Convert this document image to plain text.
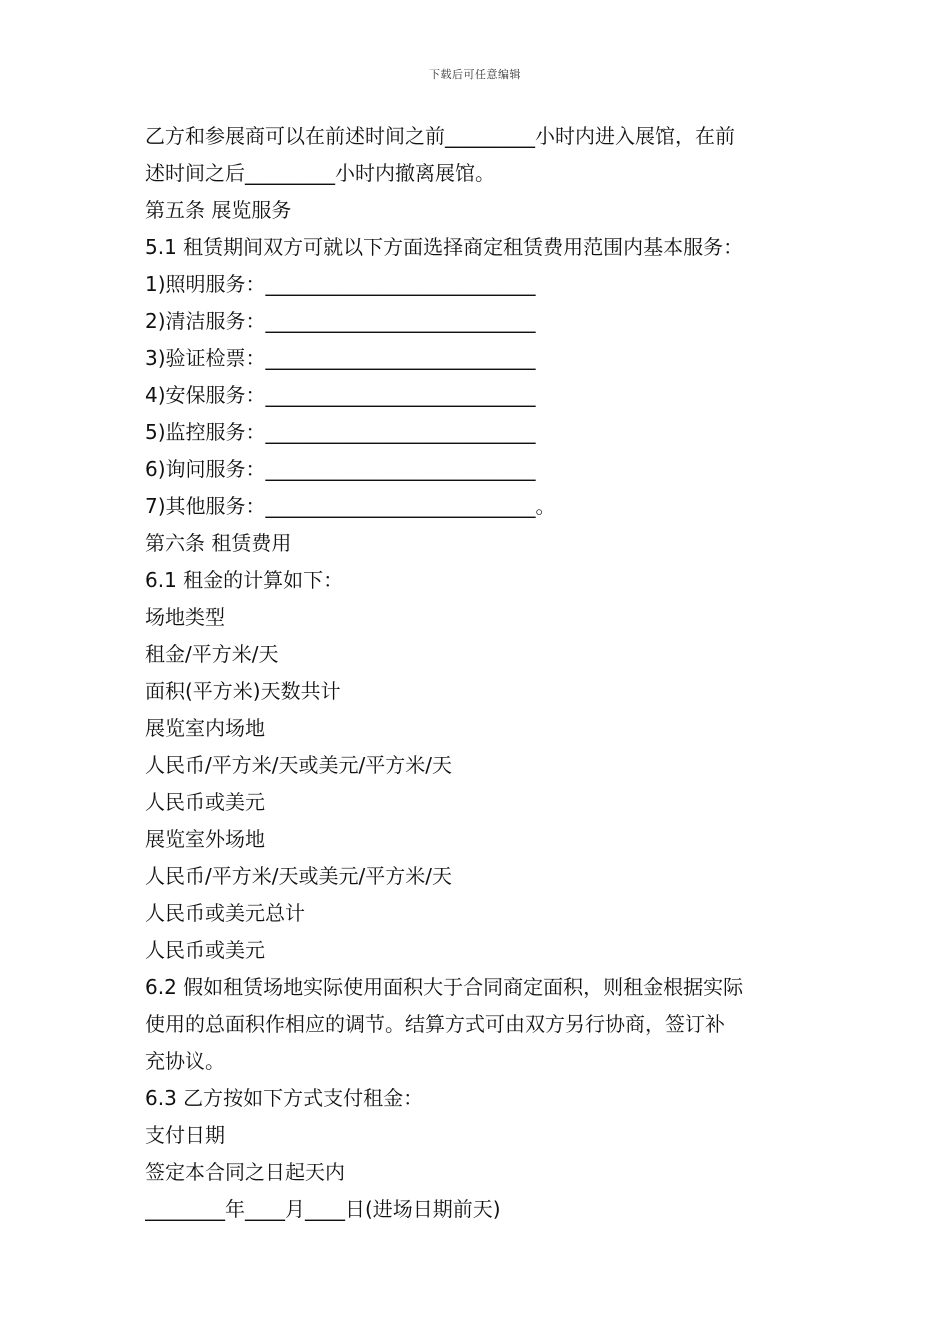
下载后可任意编辑
乙方和参展商可以在前述时间之前_________小时内进入展馆，在前
述时间之后_________小时内撤离展馆。
第五条 展览服务
5.1 租赁期间双方可就以下方面选择商定租赁费用范围内基本服务：
1)照明服务：___________________________
2)清洁服务：___________________________
3)验证检票：___________________________
4)安保服务：___________________________
5)监控服务：___________________________
6)询问服务：___________________________
7)其他服务：___________________________。
第六条 租赁费用
6.1 租金的计算如下：
场地类型
租金/平方米/天
面积(平方米)天数共计
展览室内场地
人民币/平方米/天或美元/平方米/天
人民币或美元
展览室外场地
人民币/平方米/天或美元/平方米/天
人民币或美元总计
人民币或美元
6.2 假如租赁场地实际使用面积大于合同商定面积，则租金根据实际
使用的总面积作相应的调节。结算方式可由双方另行协商，签订补
充协议。
6.3 乙方按如下方式支付租金：
支付日期
签定本合同之日起天内
________年____月____日(进场日期前天)
